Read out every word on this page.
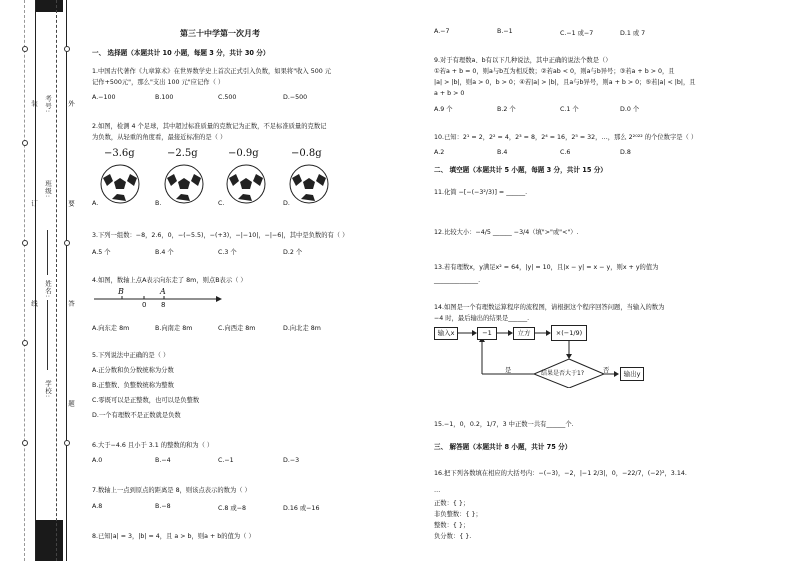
装
订
线
外
要
答
题
学校:
姓名:
班级:
考号:
第三十中学第一次月考
一、 选择题（本题共计 10 小题，每题 3 分，共计 30 分）
1.中国古代著作《九章算术》在世界数学史上首次正式引入负数，如果将"收入 500 元
记作+500元"，那么"支出 100 元"应记作（ ）
A.−100	B.100	C.500	D.−500
2.如图，检测 4 个足球，其中超过标准质量的克数记为正数，不足标准质量的克数记
为负数，从轻重的角度看，最接近标准的是（ ）
−3.6g	−2.5g	−0.9g	−0.8g
A.	B.	C.	D.
3.下列一组数：−8，2.6，0，−(−5.5)，−(+3)，−|−10|，−|−6|，其中是负数的有（ ）
A.5 个	B.4 个	C.3 个	D.2 个
4.如图，数轴上点A表示向东走了 8m，则点B表示（ ）
B	A
0 8
A.向东走 8m	B.向南走 8m	C.向西走 8m	D.向北走 8m
5.下列说法中正确的是（ ）
A.正分数和负分数统称为分数
B.正整数、负整数统称为整数
C.零既可以是正整数，也可以是负整数
D.一个有理数不是正数就是负数
6.大于−4.6 且小于 3.1 的整数的和为（ ）
A.0	B.−4	C.−1	D.−3
7.数轴上一点到原点的距离是 8，则该点表示的数为（ ）
A.8	B.−8	C.8 或−8	D.16 或−16
8.已知|a| = 3，|b| = 4，且 a > b，则a + b的值为（ ）
A.−7	B.−1	C.−1 或−7	D.1 或 7
9.对于有理数a、b有以下几种说法，其中正确的说法个数是（）
①若a + b = 0，则a与b互为相反数；②若ab < 0，则a与b异号；③若a + b > 0，且
|a| > |b|，则a > 0，b > 0；④若|a| > |b|，且a与b异号，则a + b > 0；⑤若|a| < |b|，且
a + b > 0
A.9 个	B.2 个	C.1 个	D.0 个
10.已知：2¹ = 2，2² = 4，2³ = 8，2⁴ = 16，2⁵ = 32，…，那么 2²⁰²² 的个位数字是（ ）
A.2	B.4	C.6	D.8
二、 填空题（本题共计 5 小题，每题 3 分，共计 15 分）
11.化简 −[−(−3²/3)] = ______.
12.比较大小：−4/5 ______ −3/4（填">"或"<"）.
13.若有理数x，y满足x² = 64，|y| = 10，且|x − y| = x − y，则x + y的值为
______________.
14.如图是一个有理数运算程序的流程图，请根据这个程序回答问题，当输入的数为
−4 时，最后输出的结果是______.
输入x	−1	立方	×(−1/9)
结果是否大于1?
是	否	输出y
15.−1，0，0.2，1/7，3 中正数一共有______个.
三、 解答题（本题共计 8 小题，共计 75 分）
16.把下列各数填在相应的大括号内：−(−3)，−2，|−1 2/3|，0，−22/7，(−2)²，3.14.
…
正数：{ }；
非负整数：{ }；
整数：{ }；
负分数：{ }.
